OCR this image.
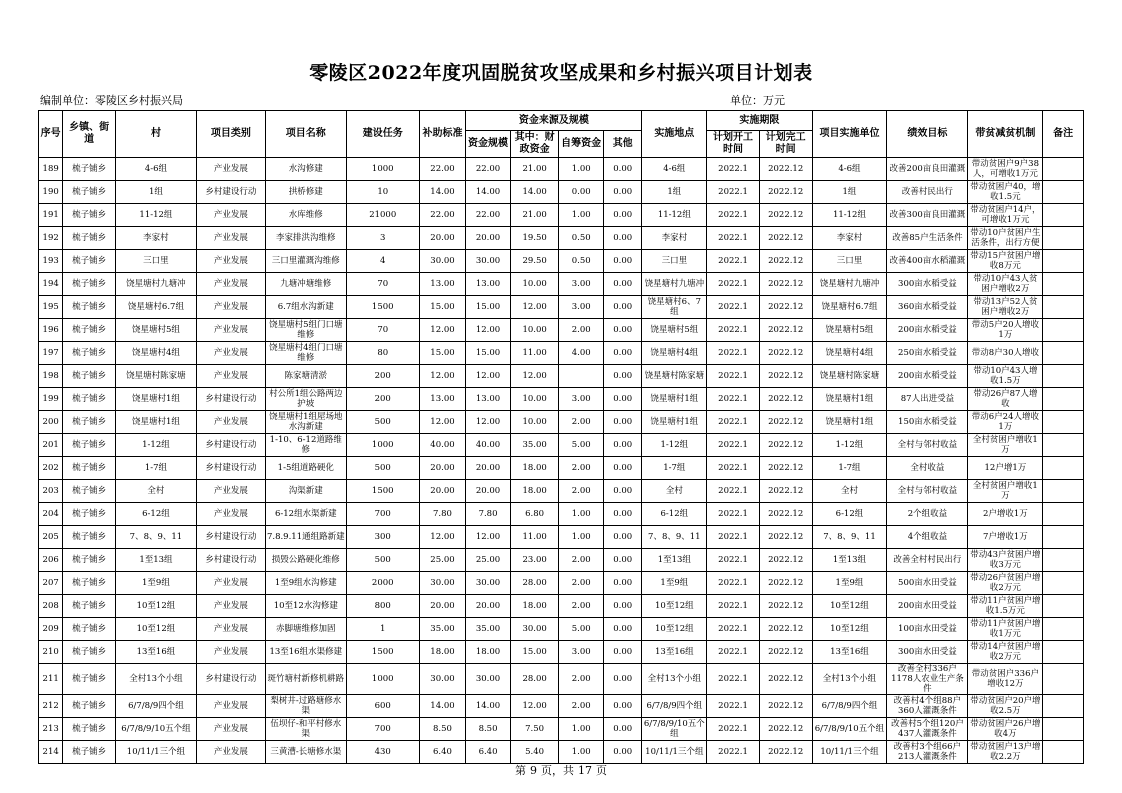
零陵区2022年度巩固脱贫攻坚成果和乡村振兴项目计划表
编制单位：零陵区乡村振兴局	单位：万元
序号	乡镇、街道	村	项目类别	项目名称	建设任务	补助标准	资金来源及规模				实施地点	实施期限		项目实施单位	绩效目标	带贫减贫机制	备注
							资金规模	其中：财政资金	自筹资金	其他		计划开工时间	计划完工时间				
189	梳子铺乡	4-6组	产业发展	水沟修建	1000	22.00	22.00	21.00	1.00	0.00	4-6组	2022.1	2022.12	4-6组	改善200亩良田灌溉	带动贫困户9户38人，可增收1万元	
190	梳子铺乡	1组	乡村建设行动	拱桥修建	10	14.00	14.00	14.00	0.00	0.00	1组	2022.1	2022.12	1组	改善村民出行	带动贫困户40，增收1.5元	
191	梳子铺乡	11-12组	产业发展	水库维修	21000	22.00	22.00	21.00	1.00	0.00	11-12组	2022.1	2022.12	11-12组	改善300亩良田灌溉	带动贫困户14户，可增收1万元	
192	梳子铺乡	李家村	产业发展	李家排洪沟维修	3	20.00	20.00	19.50	0.50	0.00	李家村	2022.1	2022.12	李家村	改善85户生活条件	带动10户贫困户生活条件，出行方便	
193	梳子铺乡	三口里	产业发展	三口里灌溉沟维修	4	30.00	30.00	29.50	0.50	0.00	三口里	2022.1	2022.12	三口里	改善400亩水稻灌溉	带动15户贫困户增收8万元	
194	梳子铺乡	饶星塘村九塘冲	产业发展	九塘冲塘维修	70	13.00	13.00	10.00	3.00	0.00	饶星塘村九塘冲	2022.1	2022.12	饶星塘村九塘冲	300亩水稻受益	带动10户43人贫困户增收2万	
195	梳子铺乡	饶星塘村6.7组	产业发展	6.7组水沟新建	1500	15.00	15.00	12.00	3.00	0.00	饶星塘村6、7组	2022.1	2022.12	饶星塘村6.7组	360亩水稻受益	带动13户52人贫困户增收2万	
196	梳子铺乡	饶星塘村5组	产业发展	饶星塘村5组门口塘维修	70	12.00	12.00	10.00	2.00	0.00	饶星塘村5组	2022.1	2022.12	饶星塘村5组	200亩水稻受益	带动5户20人增收1万	
197	梳子铺乡	饶星塘村4组	产业发展	饶星塘村4组门口塘维修	80	15.00	15.00	11.00	4.00	0.00	饶星塘村4组	2022.1	2022.12	饶星塘村4组	250亩水稻受益	带动8户30人增收	
198	梳子铺乡	饶星塘村陈家塘	产业发展	陈家塘清淤	200	12.00	12.00	12.00		0.00	饶星塘村陈家塘	2022.1	2022.12	饶星塘村陈家塘	200亩水稻受益	带动10户43人增收1.5万	
199	梳子铺乡	饶星塘村1组	乡村建设行动	村公所1组公路两边护坡	200	13.00	13.00	10.00	3.00	0.00	饶星塘村1组	2022.1	2022.12	饶星塘村1组	87人出进受益	带动26户87人增收	
200	梳子铺乡	饶星塘村1组	产业发展	饶星塘村1组屋场地水沟新建	500	12.00	12.00	10.00	2.00	0.00	饶星塘村1组	2022.1	2022.12	饶星塘村1组	150亩水稻受益	带动6户24人增收1万	
201	梳子铺乡	1-12组	乡村建设行动	1-10、6-12道路维修	1000	40.00	40.00	35.00	5.00	0.00	1-12组	2022.1	2022.12	1-12组	全村与邻村收益	全村贫困户增收1万	
202	梳子铺乡	1-7组	乡村建设行动	1-5组道路硬化	500	20.00	20.00	18.00	2.00	0.00	1-7组	2022.1	2022.12	1-7组	全村收益	12户增1万	
203	梳子铺乡	全村	产业发展	沟渠新建	1500	20.00	20.00	18.00	2.00	0.00	全村	2022.1	2022.12	全村	全村与邻村收益	全村贫困户增收1万	
204	梳子铺乡	6-12组	产业发展	6-12组水渠新建	700	7.80	7.80	6.80	1.00	0.00	6-12组	2022.1	2022.12	6-12组	2个组收益	2户增收1万	
205	梳子铺乡	7、8、9、11	乡村建设行动	7.8.9.11通组路新建	300	12.00	12.00	11.00	1.00	0.00	7、8、9、11	2022.1	2022.12	7、8、9、11	4个组收益	7户增收1万	
206	梳子铺乡	1至13组	乡村建设行动	损毁公路硬化维修	500	25.00	25.00	23.00	2.00	0.00	1至13组	2022.1	2022.12	1至13组	改善全村村民出行	带动43户贫困户增收3万元	
207	梳子铺乡	1至9组	产业发展	1至9组水沟修建	2000	30.00	30.00	28.00	2.00	0.00	1至9组	2022.1	2022.12	1至9组	500亩水田受益	带动26户贫困户增收2万元	
208	梳子铺乡	10至12组	产业发展	10至12水沟修建	800	20.00	20.00	18.00	2.00	0.00	10至12组	2022.1	2022.12	10至12组	200亩水田受益	带动11户贫困户增收1.5万元	
209	梳子铺乡	10至12组	产业发展	赤脚塘维修加固	1	35.00	35.00	30.00	5.00	0.00	10至12组	2022.1	2022.12	10至12组	100亩水田受益	带动11户贫困户增收1万元	
210	梳子铺乡	13至16组	产业发展	13至16组水渠修建	1500	18.00	18.00	15.00	3.00	0.00	13至16组	2022.1	2022.12	13至16组	300亩水田受益	带动14户贫困户增收2万元	
211	梳子铺乡	全村13个小组	乡村建设行动	斑竹塘村新修机耕路	1000	30.00	30.00	28.00	2.00	0.00	全村13个小组	2022.1	2022.12	全村13个小组	改善全村336户1178人农业生产条件	带动贫困户336户增收12万	
212	梳子铺乡	6/7/8/9四个组	产业发展	梨树井-过路塘修水渠	600	14.00	14.00	12.00	2.00	0.00	6/7/8/9四个组	2022.1	2022.12	6/7/8/9四个组	改善村4个组88户360人灌溉条件	带动贫困户20户增收2.5万	
213	梳子铺乡	6/7/8/9/10五个组	产业发展	伍坝仔-和平村修水渠	700	8.50	8.50	7.50	1.00	0.00	6/7/8/9/10五个组	2022.1	2022.12	6/7/8/9/10五个组	改善村5个组120户437人灌溉条件	带动贫困户26户增收4万	
214	梳子铺乡	10/11/1三个组	产业发展	三黄漕-长塘修水渠	430	6.40	6.40	5.40	1.00	0.00	10/11/1三个组	2022.1	2022.12	10/11/1三个组	改善村3个组66户213人灌溉条件	带动贫困户13户增收2.2万	
第 9 页，共 17 页
